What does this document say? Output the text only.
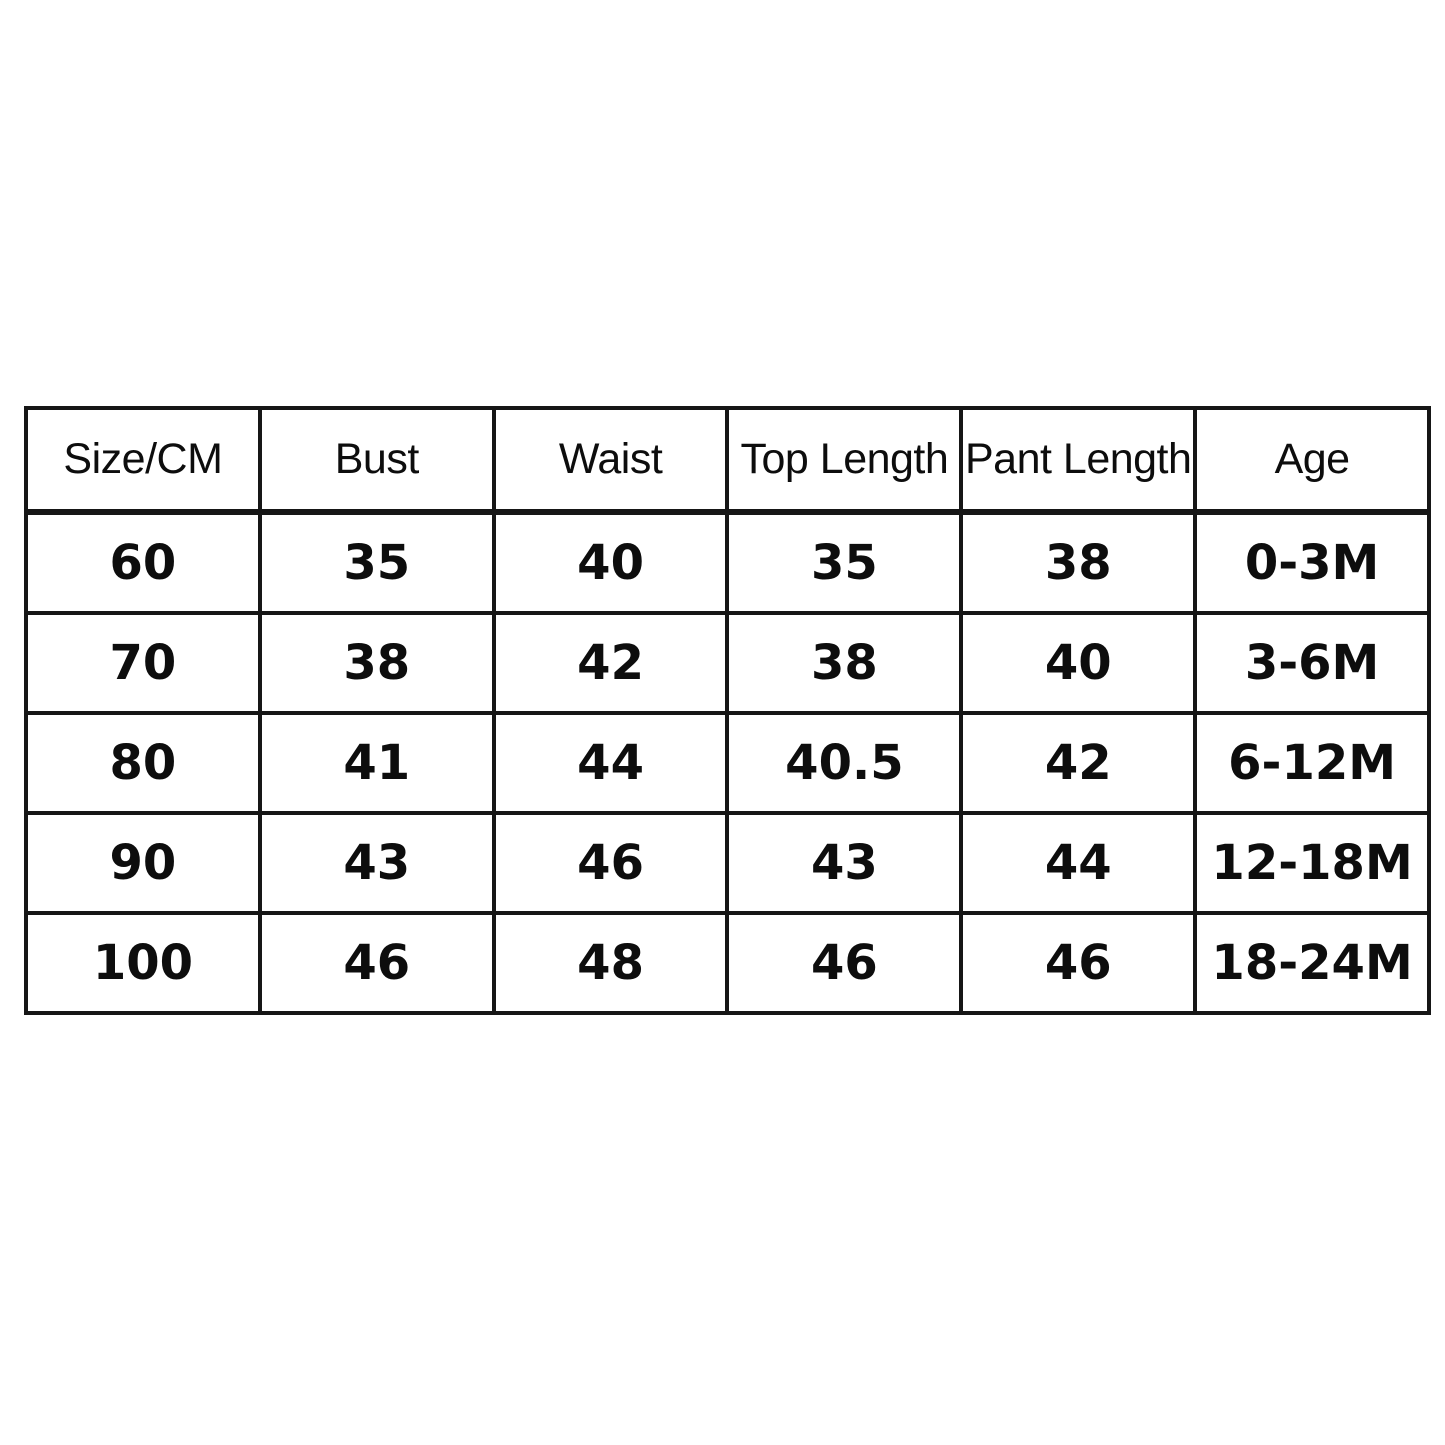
Size/CM	Bust	Waist	Top Length	Pant Length	Age
60	35	40	35	38	0-3M
70	38	42	38	40	3-6M
80	41	44	40.5	42	6-12M
90	43	46	43	44	12-18M
100	46	48	46	46	18-24M
